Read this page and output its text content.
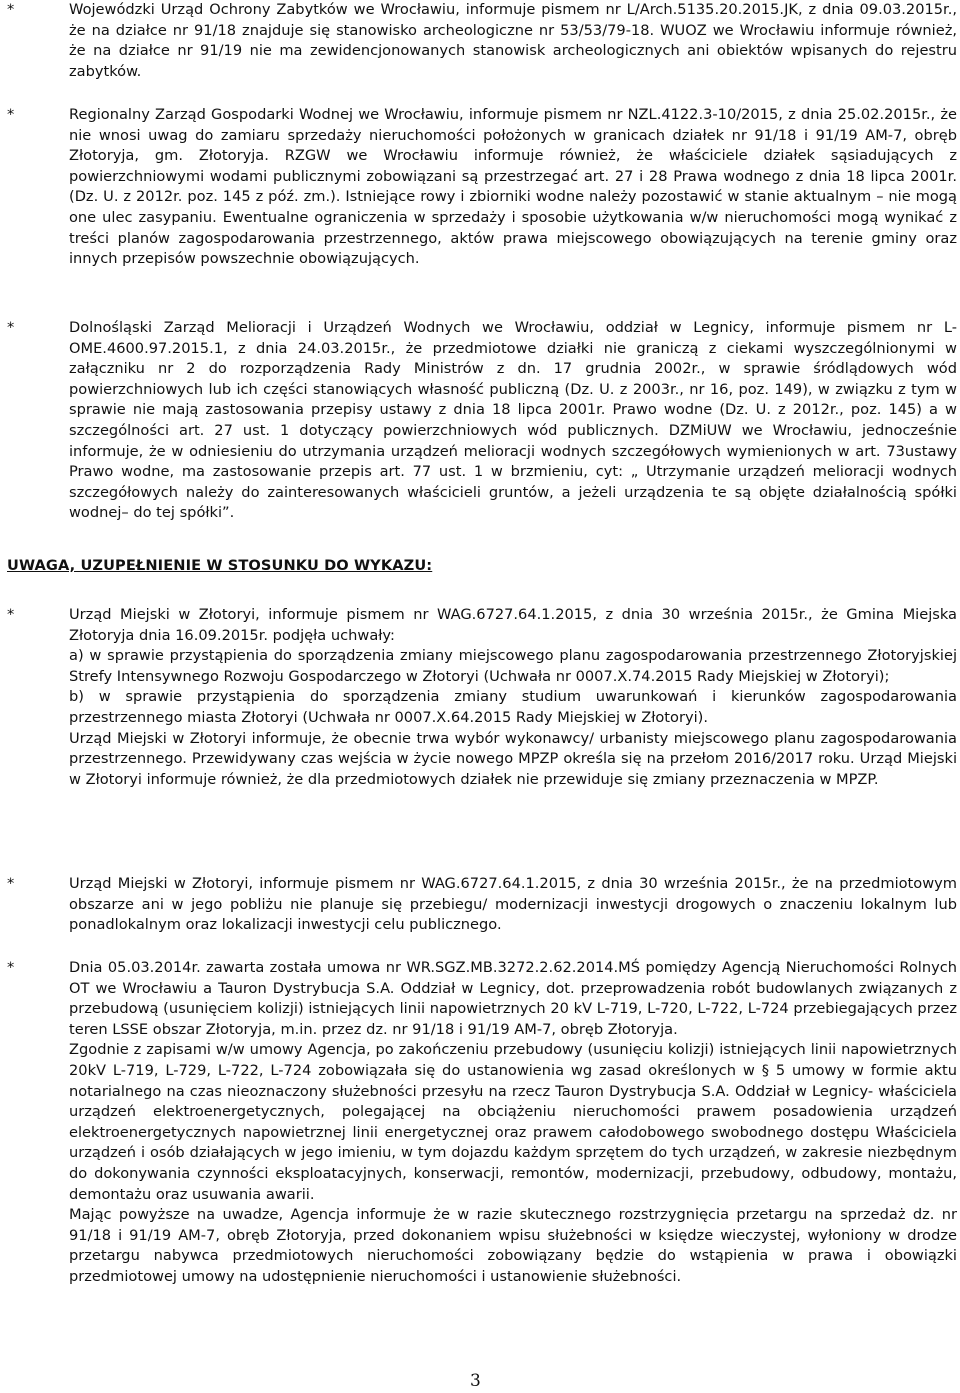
*	Wojewódzki Urząd Ochrony Zabytków we Wrocławiu, informuje pismem nr L/Arch.5135.20.2015.JK, z dnia 09.03.2015r., że na działce nr 91/18 znajduje się stanowisko archeologiczne nr 53/53/79-18. WUOZ we Wrocławiu informuje również, że na działce nr 91/19 nie ma zewidencjonowanych stanowisk archeologicznych ani obiektów wpisanych do rejestru zabytków.

*	Regionalny Zarząd Gospodarki Wodnej we Wrocławiu, informuje pismem nr NZL.4122.3-10/2015, z dnia 25.02.2015r., że nie wnosi uwag do zamiaru sprzedaży nieruchomości położonych w granicach działek nr 91/18 i 91/19 AM-7, obręb Złotoryja, gm. Złotoryja. RZGW we Wrocławiu informuje również, że właściciele działek sąsiadujących z powierzchniowymi wodami publicznymi zobowiązani są przestrzegać art. 27 i 28 Prawa wodnego z dnia 18 lipca 2001r. (Dz. U. z 2012r. poz. 145 z póź. zm.). Istniejące rowy i zbiorniki wodne należy pozostawić w stanie aktualnym – nie mogą one ulec zasypaniu. Ewentualne ograniczenia w sprzedaży i sposobie użytkowania w/w nieruchomości mogą wynikać z treści planów zagospodarowania przestrzennego, aktów prawa miejscowego obowiązujących na terenie gminy oraz innych przepisów powszechnie obowiązujących.

*	Dolnośląski Zarząd Melioracji i Urządzeń Wodnych we Wrocławiu, oddział w Legnicy, informuje pismem nr L-OME.4600.97.2015.1, z dnia 24.03.2015r., że przedmiotowe działki nie graniczą z ciekami wyszczególnionymi w załączniku nr 2 do rozporządzenia Rady Ministrów z dn. 17 grudnia 2002r., w sprawie śródlądowych wód powierzchniowych lub ich części stanowiących własność publiczną (Dz. U. z 2003r., nr 16, poz. 149), w związku z tym w sprawie nie mają zastosowania przepisy ustawy z dnia 18 lipca 2001r. Prawo wodne (Dz. U. z 2012r., poz. 145) a w szczególności art. 27 ust. 1 dotyczący powierzchniowych wód publicznych. DZMiUW we Wrocławiu, jednocześnie informuje, że w odniesieniu do utrzymania urządzeń melioracji wodnych szczegółowych wymienionych w art. 73ustawy Prawo wodne, ma zastosowanie przepis art. 77 ust. 1 w brzmieniu, cyt: „ Utrzymanie urządzeń melioracji wodnych szczegółowych należy do zainteresowanych właścicieli gruntów, a jeżeli urządzenia te są objęte działalnością spółki wodnej– do tej spółki”.

UWAGA, UZUPEŁNIENIE W STOSUNKU DO WYKAZU:
*	Urząd Miejski w Złotoryi, informuje pismem nr WAG.6727.64.1.2015, z dnia 30 września 2015r., że Gmina Miejska Złotoryja dnia 16.09.2015r. podjęła uchwały:

a) w sprawie przystąpienia do sporządzenia zmiany miejscowego planu zagospodarowania przestrzennego Złotoryjskiej Strefy Intensywnego Rozwoju Gospodarczego w Złotoryi (Uchwała nr 0007.X.74.2015 Rady Miejskiej w Złotoryi);

b) w sprawie przystąpienia do sporządzenia zmiany studium uwarunkowań i kierunków zagospodarowania przestrzennego miasta Złotoryi (Uchwała nr 0007.X.64.2015 Rady Miejskiej w Złotoryi).

Urząd Miejski w Złotoryi informuje, że obecnie trwa wybór wykonawcy/ urbanisty miejscowego planu zagospodarowania przestrzennego. Przewidywany czas wejścia w życie nowego MPZP określa się na przełom 2016/2017 roku. Urząd Miejski w Złotoryi informuje również, że dla przedmiotowych działek nie przewiduje się zmiany przeznaczenia w MPZP.

*	Urząd Miejski w Złotoryi, informuje pismem nr WAG.6727.64.1.2015, z dnia 30 września 2015r., że na przedmiotowym obszarze ani w jego pobliżu nie planuje się przebiegu/ modernizacji inwestycji drogowych o znaczeniu lokalnym lub ponadlokalnym oraz lokalizacji inwestycji celu publicznego.

*	Dnia 05.03.2014r. zawarta została umowa nr WR.SGZ.MB.3272.2.62.2014.MŚ pomiędzy Agencją Nieruchomości Rolnych OT we Wrocławiu a Tauron Dystrybucja S.A. Oddział w Legnicy, dot. przeprowadzenia robót budowlanych związanych z przebudową (usunięciem kolizji) istniejących linii napowietrznych 20 kV L-719, L-720, L-722, L-724 przebiegających przez teren LSSE obszar Złotoryja, m.in. przez dz. nr 91/18 i 91/19 AM-7, obręb Złotoryja.

Zgodnie z zapisami w/w umowy Agencja, po zakończeniu przebudowy (usunięciu kolizji) istniejących linii napowietrznych 20kV L-719, L-729, L-722, L-724 zobowiązała się do ustanowienia wg zasad określonych w § 5 umowy w formie aktu notarialnego na czas nieoznaczony służebności przesyłu na rzecz Tauron Dystrybucja S.A. Oddział w Legnicy- właściciela urządzeń elektroenergetycznych, polegającej na obciążeniu nieruchomości prawem posadowienia urządzeń elektroenergetycznych napowietrznej linii energetycznej oraz prawem całodobowego swobodnego dostępu Właściciela urządzeń i osób działających w jego imieniu, w tym dojazdu każdym sprzętem do tych urządzeń, w zakresie niezbędnym do dokonywania czynności eksploatacyjnych, konserwacji, remontów, modernizacji, przebudowy, odbudowy, montażu, demontażu oraz usuwania awarii.

Mając powyższe na uwadze, Agencja informuje że w razie skutecznego rozstrzygnięcia przetargu na sprzedaż dz. nr 91/18 i 91/19 AM-7, obręb Złotoryja, przed dokonaniem wpisu służebności w księdze wieczystej, wyłoniony w drodze przetargu nabywca przedmiotowych nieruchomości zobowiązany będzie do wstąpienia w prawa i obowiązki przedmiotowej umowy na udostępnienie nieruchomości i ustanowienie służebności.

3
